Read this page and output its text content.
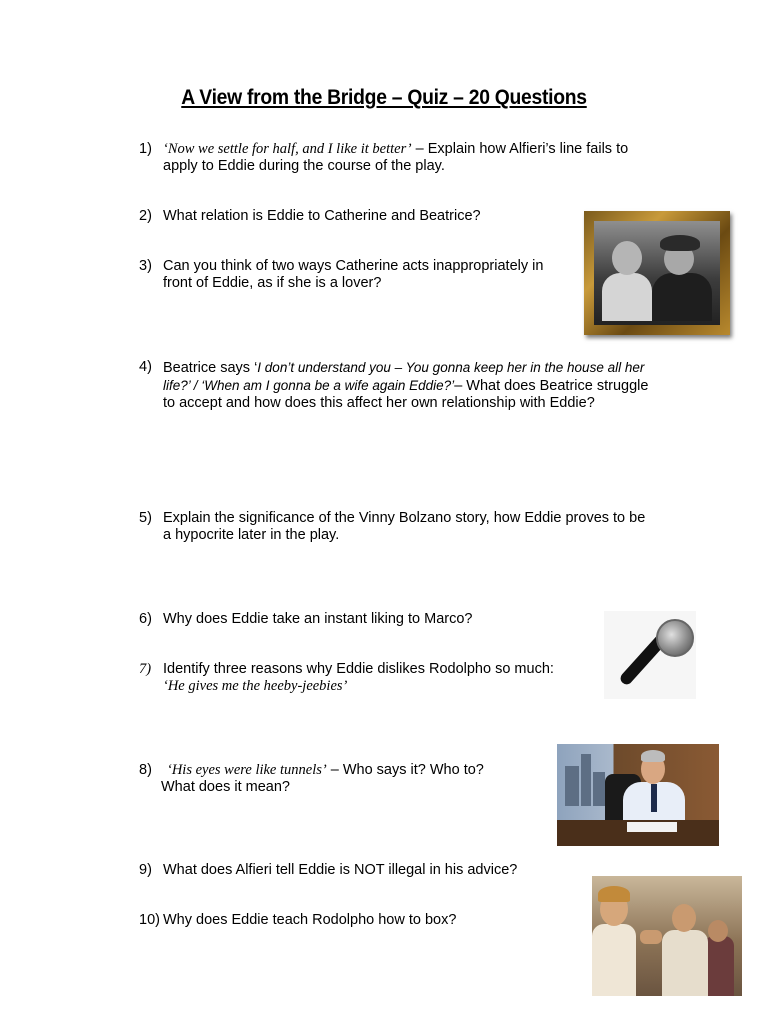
A View from the Bridge – Quiz – 20 Questions
1) ‘Now we settle for half, and I like it better’ – Explain how Alfieri’s line fails to apply to Eddie during the course of the play.
2) What relation is Eddie to Catherine and Beatrice?
3) Can you think of two ways Catherine acts inappropriately in front of Eddie, as if she is a lover?
4) Beatrice says ‘I don’t understand you – You gonna keep her in the house all her life?’ / ‘When am I gonna be a wife again Eddie?’– What does Beatrice struggle to accept and how does this affect her own relationship with Eddie?
5) Explain the significance of the Vinny Bolzano story, how Eddie proves to be a hypocrite later in the play.
6) Why does Eddie take an instant liking to Marco?
7) Identify three reasons why Eddie dislikes Rodolpho so much:
‘He gives me the heeby-jeebies’
8) ‘His eyes were like tunnels’ – Who says it? Who to?
What does it mean?
9) What does Alfieri tell Eddie is NOT illegal in his advice?
10) Why does Eddie teach Rodolpho how to box?
